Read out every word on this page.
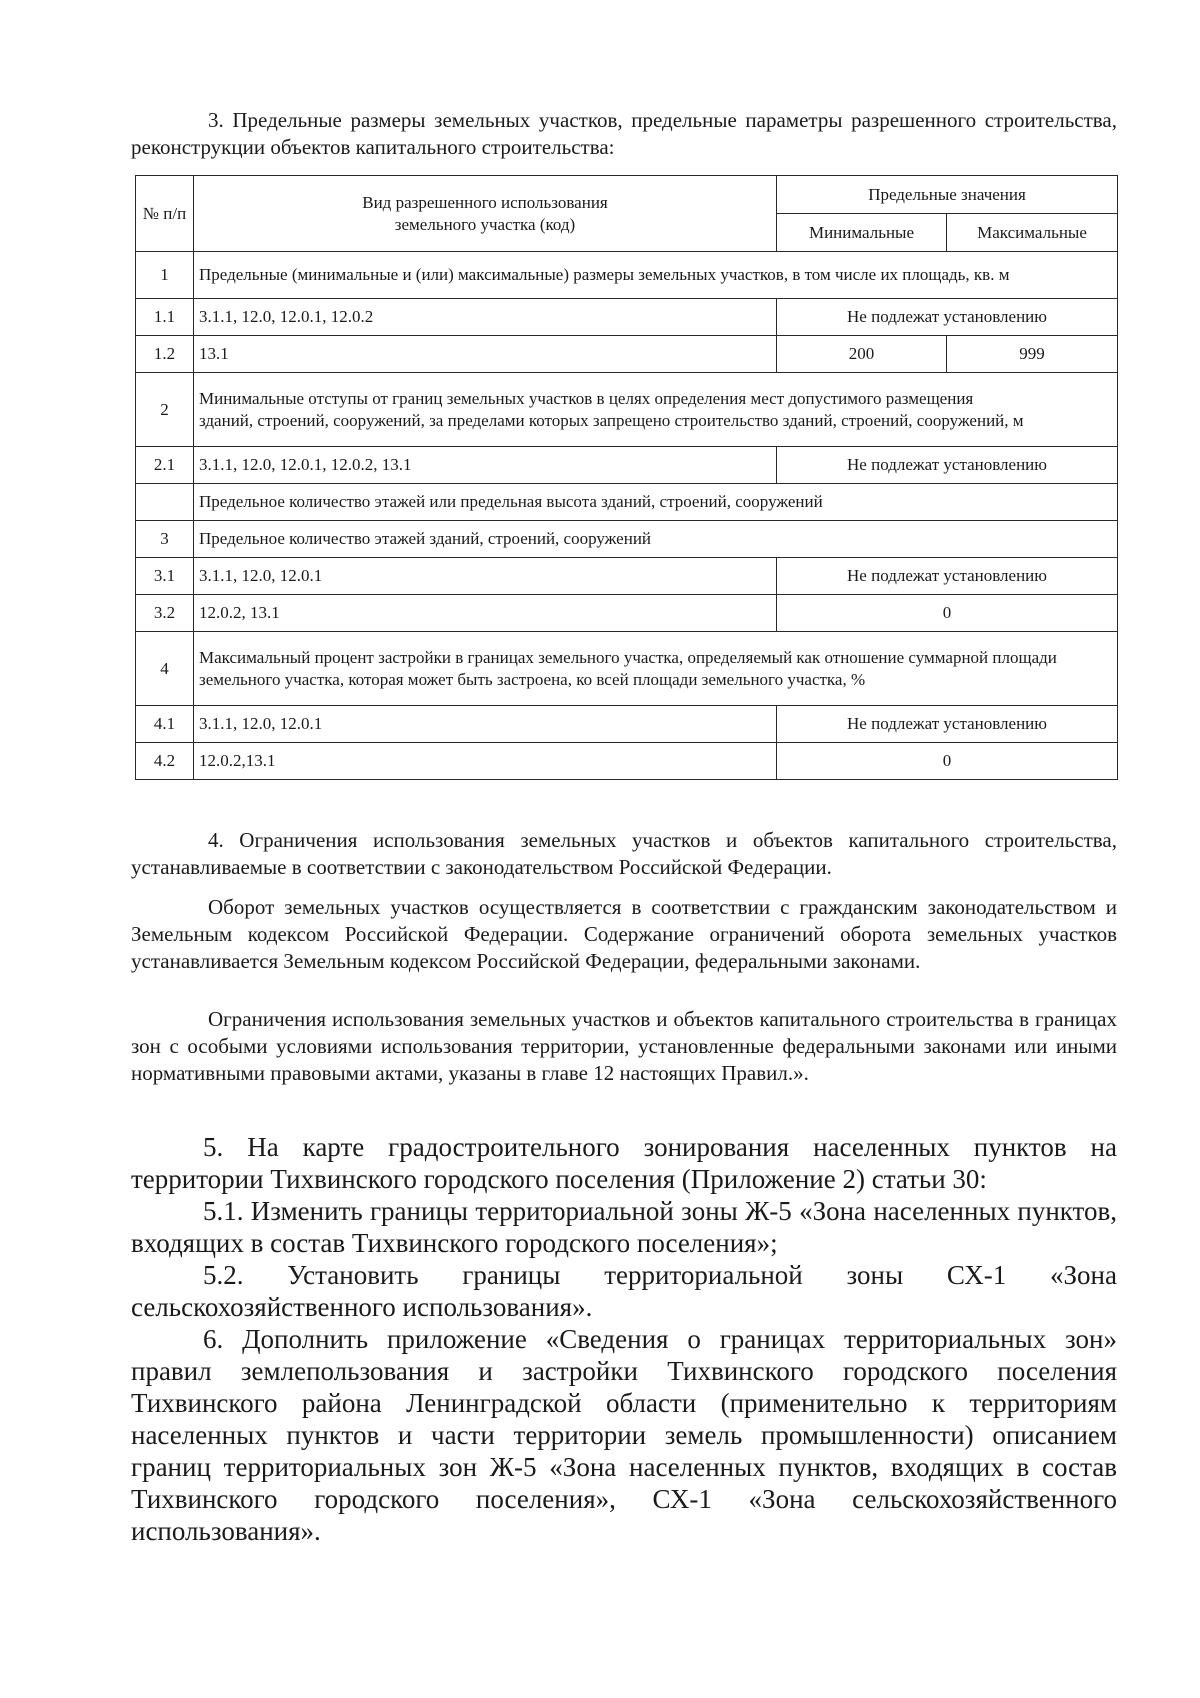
3. Предельные размеры земельных участков, предельные параметры разрешенного строительства, реконструкции объектов капитального строительства:

№ п/п	Вид разрешенного использования земельного участка (код)	Предельные значения	
		Минимальные	Максимальные
1	Предельные (минимальные и (или) максимальные) размеры земельных участков, в том числе их площадь, кв. м		
1.1	3.1.1, 12.0, 12.0.1, 12.0.2	Не подлежат установлению	
1.2	13.1	200	999
2	Минимальные отступы от границ земельных участков в целях определения мест допустимого размещения зданий, строений, сооружений, за пределами которых запрещено строительство зданий, строений, сооружений, м		
2.1	3.1.1, 12.0, 12.0.1, 12.0.2, 13.1	Не подлежат установлению	
	Предельное количество этажей или предельная высота зданий, строений, сооружений		
3	Предельное количество этажей зданий, строений, сооружений		
3.1	3.1.1, 12.0, 12.0.1	Не подлежат установлению	
3.2	12.0.2, 13.1	0	
4	Максимальный процент застройки в границах земельного участка, определяемый как отношение суммарной площади земельного участка, которая может быть застроена, ко всей площади земельного участка, %		
4.1	3.1.1, 12.0, 12.0.1	Не подлежат установлению	
4.2	12.0.2,13.1	0	

4. Ограничения использования земельных участков и объектов капитального строительства, устанавливаемые в соответствии с законодательством Российской Федерации.

Оборот земельных участков осуществляется в соответствии с гражданским законодательством и Земельным кодексом Российской Федерации. Содержание ограничений оборота земельных участков устанавливается Земельным кодексом Российской Федерации, федеральными законами.

Ограничения использования земельных участков и объектов капитального строительства в границах зон с особыми условиями использования территории, установленные федеральными законами или иными нормативными правовыми актами, указаны в главе 12 настоящих Правил.».

5. На карте градостроительного зонирования населенных пунктов на территории Тихвинского городского поселения (Приложение 2) статьи 30:

5.1. Изменить границы территориальной зоны Ж-5 «Зона населенных пунктов, входящих в состав Тихвинского городского поселения»;

5.2. Установить границы территориальной зоны СХ-1 «Зона сельскохозяйственного использования».

6. Дополнить приложение «Сведения о границах территориальных зон» правил землепользования и застройки Тихвинского городского поселения Тихвинского района Ленинградской области (применительно к территориям населенных пунктов и части территории земель промышленности) описанием границ территориальных зон Ж-5 «Зона населенных пунктов, входящих в состав Тихвинского городского поселения», СХ-1 «Зона сельскохозяйственного использования».
